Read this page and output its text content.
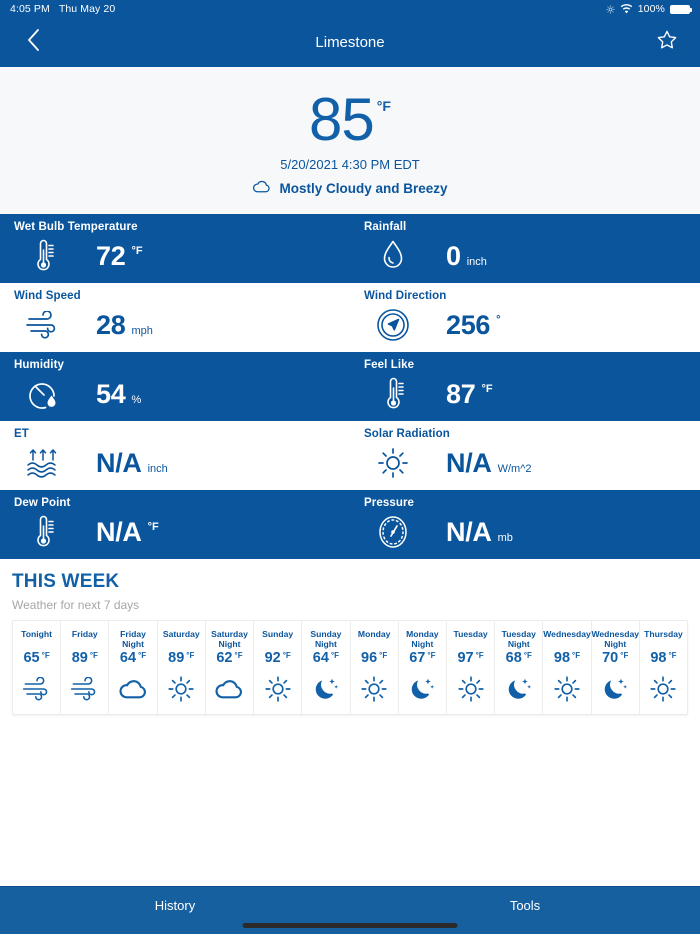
4:05 PM Thu May 20	100%
Limestone
85 °F
5/20/2021 4:30 PM EDT
Mostly Cloudy and Breezy
Wet Bulb Temperature
72 °F
Rainfall
0 inch
Wind Speed
28 mph
Wind Direction
256 °
Humidity
54 %
Feel Like
87 °F
ET
N/A inch
Solar Radiation
N/A W/m^2
Dew Point
N/A °F
Pressure
N/A mb
THIS WEEK
Weather for next 7 days
Tonight
65 °F
Friday
89 °F
Friday Night
64 °F
Saturday
89 °F
Saturday Night
62 °F
Sunday
92 °F
Sunday Night
64 °F
Monday
96 °F
Monday Night
67 °F
Tuesday
97 °F
Tuesday Night
68 °F
Wednesday
98 °F
Wednesday Night
70 °F
Thursday
98 °F
History	Tools
